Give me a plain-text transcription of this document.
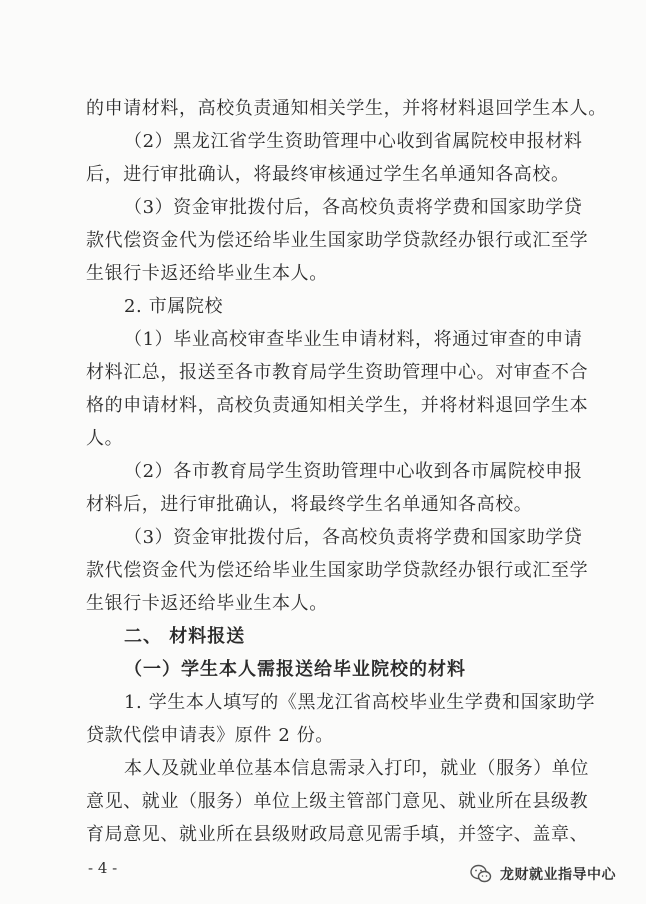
的申请材料，高校负责通知相关学生，并将材料退回学生本人。
（2）黑龙江省学生资助管理中心收到省属院校申报材料
后，进行审批确认，将最终审核通过学生名单通知各高校。
（3）资金审批拨付后，各高校负责将学费和国家助学贷
款代偿资金代为偿还给毕业生国家助学贷款经办银行或汇至学
生银行卡返还给毕业生本人。
2. 市属院校
（1）毕业高校审查毕业生申请材料，将通过审查的申请
材料汇总，报送至各市教育局学生资助管理中心。对审查不合
格的申请材料，高校负责通知相关学生，并将材料退回学生本
人。
（2）各市教育局学生资助管理中心收到各市属院校申报
材料后，进行审批确认，将最终学生名单通知各高校。
（3）资金审批拨付后，各高校负责将学费和国家助学贷
款代偿资金代为偿还给毕业生国家助学贷款经办银行或汇至学
生银行卡返还给毕业生本人。
二、 材料报送
（一）学生本人需报送给毕业院校的材料
1. 学生本人填写的《黑龙江省高校毕业生学费和国家助学
贷款代偿申请表》原件 2 份。
本人及就业单位基本信息需录入打印，就业（服务）单位
意见、就业（服务）单位上级主管部门意见、就业所在县级教
育局意见、就业所在县级财政局意见需手填，并签字、盖章、
- 4 -	龙财就业指导中心
